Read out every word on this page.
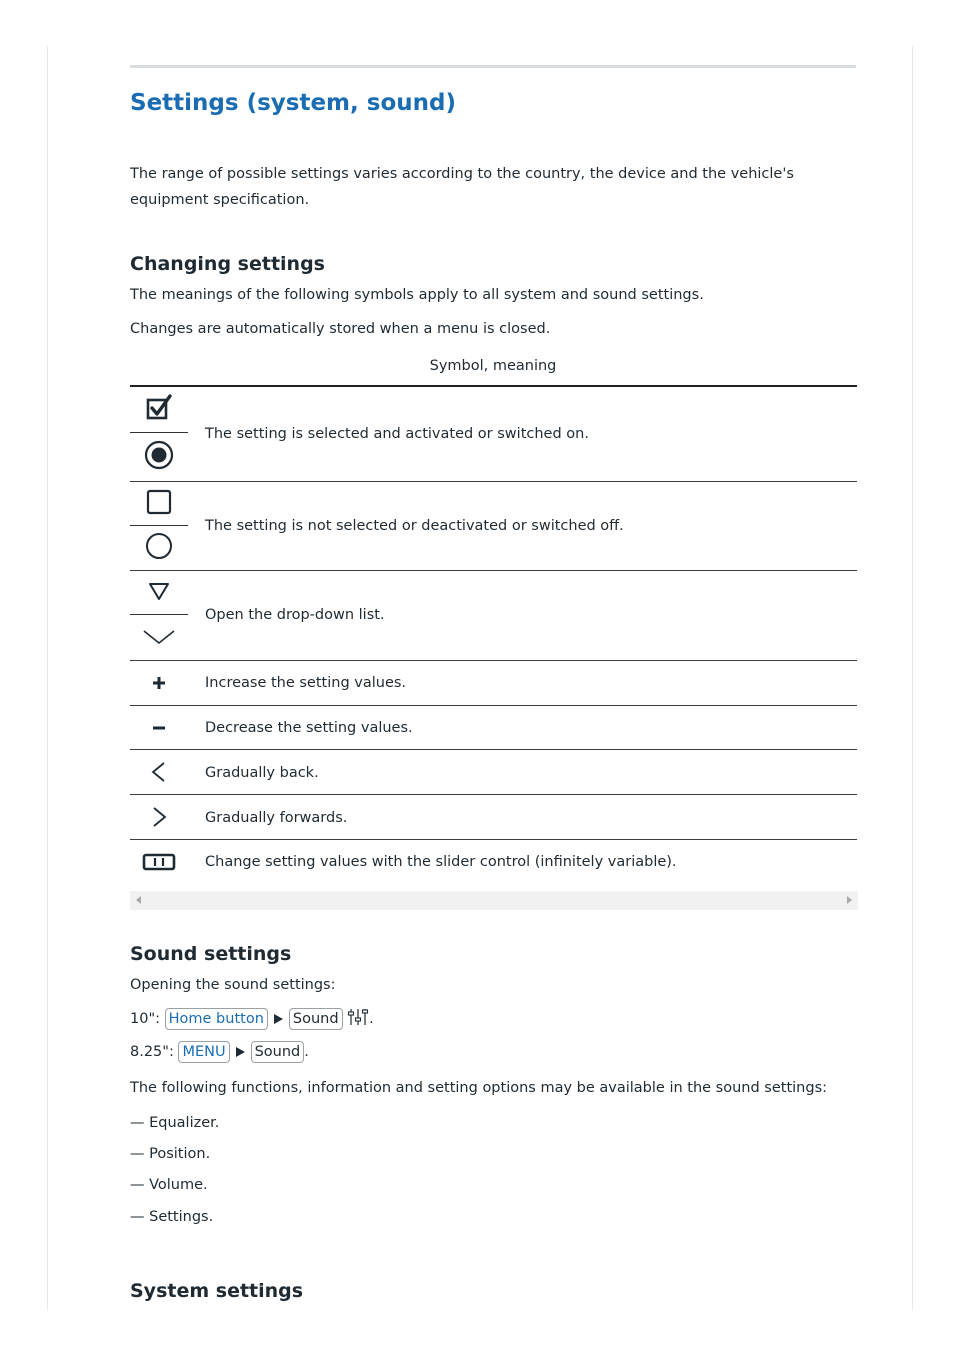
Settings (system, sound)

The range of possible settings varies according to the country, the device and the vehicle's equipment specification.

Changing settings

The meanings of the following symbols apply to all system and sound settings.

Changes are automatically stored when a menu is closed.

Symbol, meaning
The setting is selected and activated or switched on.
The setting is not selected or deactivated or switched off.
Open the drop-down list.
Increase the setting values.
Decrease the setting values.
Gradually back.
Gradually forwards.
Change setting values with the slider control (infinitely variable).
Sound settings

Opening the sound settings:

10": Home button Sound .
8.25": MENU Sound .

The following functions, information and setting options may be available in the sound settings:

— Equalizer.
— Position.
— Volume.
— Settings.
System settings
